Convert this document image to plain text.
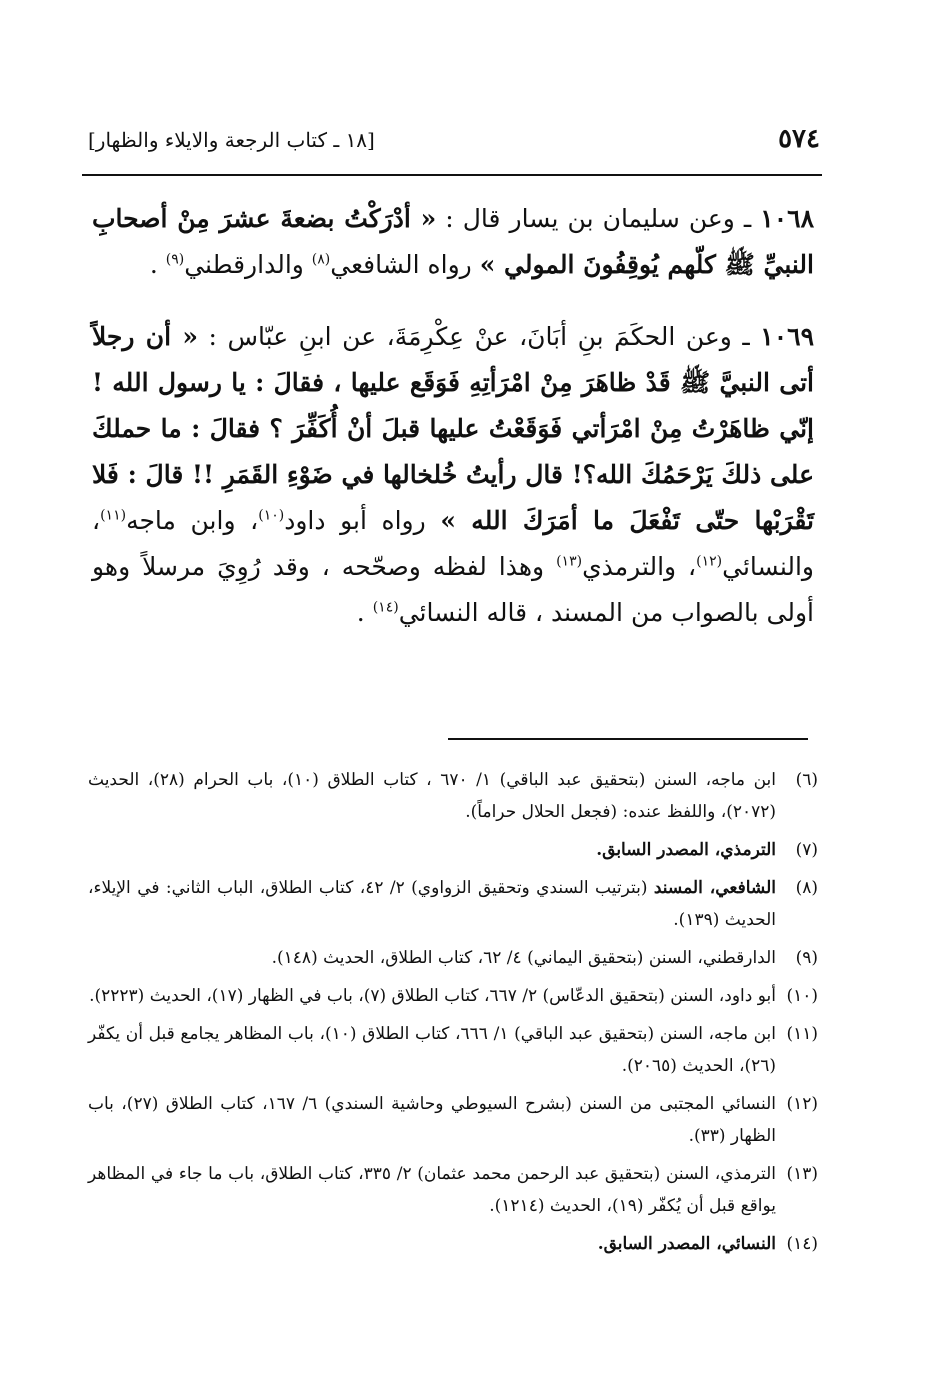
٥٧٤
[١٨ ـ كتاب الرجعة والايلاء والظهار]

١٠٦٨ ـ وعن سليمان بن يسار قال : « أدْرَكْتُ بضعةَ عشرَ مِنْ أصحابِ النبيِّ ﷺ كلّهم يُوقِفُونَ المولي » رواه الشافعي$^{(٨)}$ والدارقطني$^{(٩)}$ .

١٠٦٩ ـ وعن الحكَمَ بنِ أبَانَ، عنْ عِكْرِمَةَ، عن ابنِ عبّاس : « أن رجلاً أتى النبيَّ ﷺ قَدْ ظاهَرَ مِنْ امْرَأتِهِ فَوَقَع عليها ، فقالَ : يا رسول الله ! إنّي ظاهَرْتُ مِنْ امْرَأتي فَوَقَعْتُ عليها قبلَ أنْ أُكَفِّرَ ؟ فقالَ : ما حملكَ على ذلكَ يَرْحَمُكَ الله؟! قال رأيتُ خُلخالها في ضَوْءِ القَمَرِ !! قالَ : فَلا تَقْرَبْها حتّى تَفْعَلَ ما أمَرَكَ الله » رواه أبو داود$^{(١٠)}$، وابن ماجه$^{(١١)}$، والنسائي$^{(١٢)}$، والترمذي$^{(١٣)}$ وهذا لفظه وصحّحه ، وقد رُوِيَ مرسلاً وهو أولى بالصواب من المسند ، قاله النسائي$^{(١٤)}$ .

(٦)
ابن ماجه، السنن (بتحقيق عبد الباقي) ١/ ٦٧٠ ، كتاب الطلاق (١٠)، باب الحرام (٢٨)، الحديث (٢٠٧٢)، واللفظ عنده: (فجعل الحلال حراماً).
(٧)
الترمذي، المصدر السابق.
(٨)
الشافعي، المسند (بترتيب السندي وتحقيق الزواوي) ٢/ ٤٢، كتاب الطلاق، الباب الثاني: في الإيلاء، الحديث (١٣٩).
(٩)
الدارقطني، السنن (بتحقيق اليماني) ٤/ ٦٢، كتاب الطلاق، الحديث (١٤٨).
(١٠)
أبو داود، السنن (بتحقيق الدعّاس) ٢/ ٦٦٧، كتاب الطلاق (٧)، باب في الظهار (١٧)، الحديث (٢٢٢٣).
(١١)
ابن ماجه، السنن (بتحقيق عبد الباقي) ١/ ٦٦٦، كتاب الطلاق (١٠)، باب المظاهر يجامع قبل أن يكفّر (٢٦)، الحديث (٢٠٦٥).
(١٢)
النسائي المجتبى من السنن (بشرح السيوطي وحاشية السندي) ٦/ ١٦٧، كتاب الطلاق (٢٧)، باب الظهار (٣٣).
(١٣)
الترمذي، السنن (بتحقيق عبد الرحمن محمد عثمان) ٢/ ٣٣٥، كتاب الطلاق، باب ما جاء في المظاهر يواقع قبل أن يُكفّر (١٩)، الحديث (١٢١٤).
(١٤)
النسائي، المصدر السابق.
